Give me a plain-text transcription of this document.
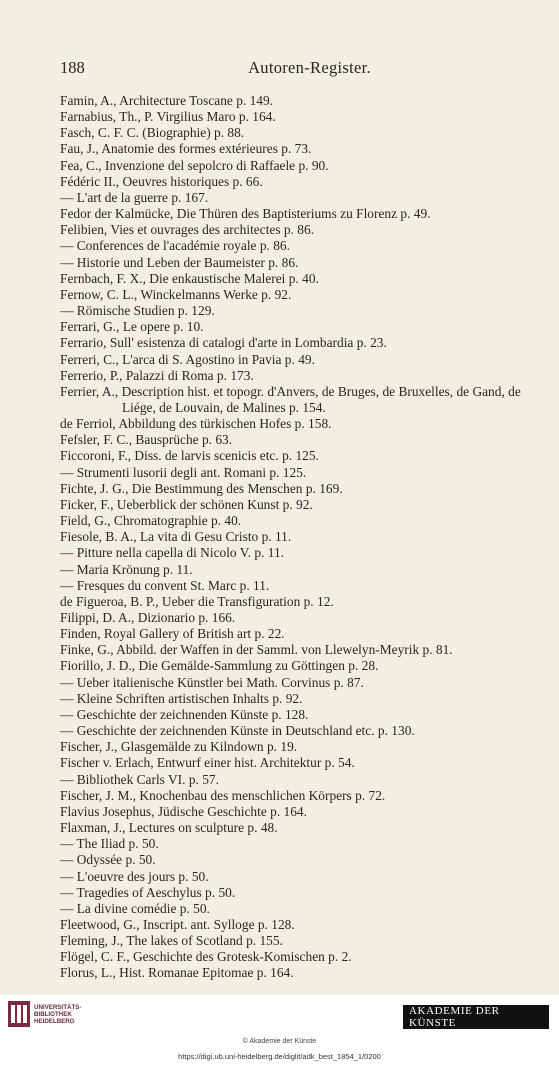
188	Autoren-Register.
Famin, A., Architecture Toscane p. 149.
Farnabius, Th., P. Virgilius Maro p. 164.
Fasch, C. F. C. (Biographie) p. 88.
Fau, J., Anatomie des formes extérieures p. 73.
Fea, C., Invenzione del sepolcro di Raffaele p. 90.
Fédéric II., Oeuvres historiques p. 66.
— L'art de la guerre p. 167.
Fedor der Kalmücke, Die Thüren des Baptisteriums zu Florenz p. 49.
Felibien, Vies et ouvrages des architectes p. 86.
— Conferences de l'académie royale p. 86.
— Historie und Leben der Baumeister p. 86.
Fernbach, F. X., Die enkaustische Malerei p. 40.
Fernow, C. L., Winckelmanns Werke p. 92.
— Römische Studien p. 129.
Ferrari, G., Le opere p. 10.
Ferrario, Sull' esistenza di catalogi d'arte in Lombardia p. 23.
Ferreri, C., L'arca di S. Agostino in Pavia p. 49.
Ferrerio, P., Palazzi di Roma p. 173.
Ferrier, A., Description hist. et topogr. d'Anvers, de Bruges, de Bruxelles, de Gand, de Liége, de Louvain, de Malines p. 154.
de Ferriol, Abbildung des türkischen Hofes p. 158.
Fefsler, F. C., Bausprüche p. 63.
Ficcoroni, F., Diss. de larvis scenicis etc. p. 125.
— Strumenti lusorii degli ant. Romani p. 125.
Fichte, J. G., Die Bestimmung des Menschen p. 169.
Ficker, F., Ueberblick der schönen Kunst p. 92.
Field, G., Chromatographie p. 40.
Fiesole, B. A., La vita di Gesu Cristo p. 11.
— Pitture nella capella di Nicolo V. p. 11.
— Maria Krönung p. 11.
— Fresques du convent St. Marc p. 11.
de Figueroa, B. P., Ueber die Transfiguration p. 12.
Filippi, D. A., Dizionario p. 166.
Finden, Royal Gallery of British art p. 22.
Finke, G., Abbild. der Waffen in der Samml. von Llewelyn-Meyrik p. 81.
Fiorillo, J. D., Die Gemälde-Sammlung zu Göttingen p. 28.
— Ueber italienische Künstler bei Math. Corvinus p. 87.
— Kleine Schriften artistischen Inhalts p. 92.
— Geschichte der zeichnenden Künste p. 128.
— Geschichte der zeichnenden Künste in Deutschland etc. p. 130.
Fischer, J., Glasgemälde zu Kilndown p. 19.
Fischer v. Erlach, Entwurf einer hist. Architektur p. 54.
— Bibliothek Carls VI. p. 57.
Fischer, J. M., Knochenbau des menschlichen Körpers p. 72.
Flavius Josephus, Jüdische Geschichte p. 164.
Flaxman, J., Lectures on sculpture p. 48.
— The Iliad p. 50.
— Odyssée p. 50.
— L'oeuvre des jours p. 50.
— Tragedies of Aeschylus p. 50.
— La divine comédie p. 50.
Fleetwood, G., Inscript. ant. Sylloge p. 128.
Fleming, J., The lakes of Scotland p. 155.
Flögel, C. F., Geschichte des Grotesk-Komischen p. 2.
Florus, L., Hist. Romanae Epitomae p. 164.
UNIVERSITÄTS-
BIBLIOTHEK
HEIDELBERG
AKADEMIE DER KÜNSTE
© Akademie der Künste
https://digi.ub.uni-heidelberg.de/diglit/adk_best_1854_1/0200
